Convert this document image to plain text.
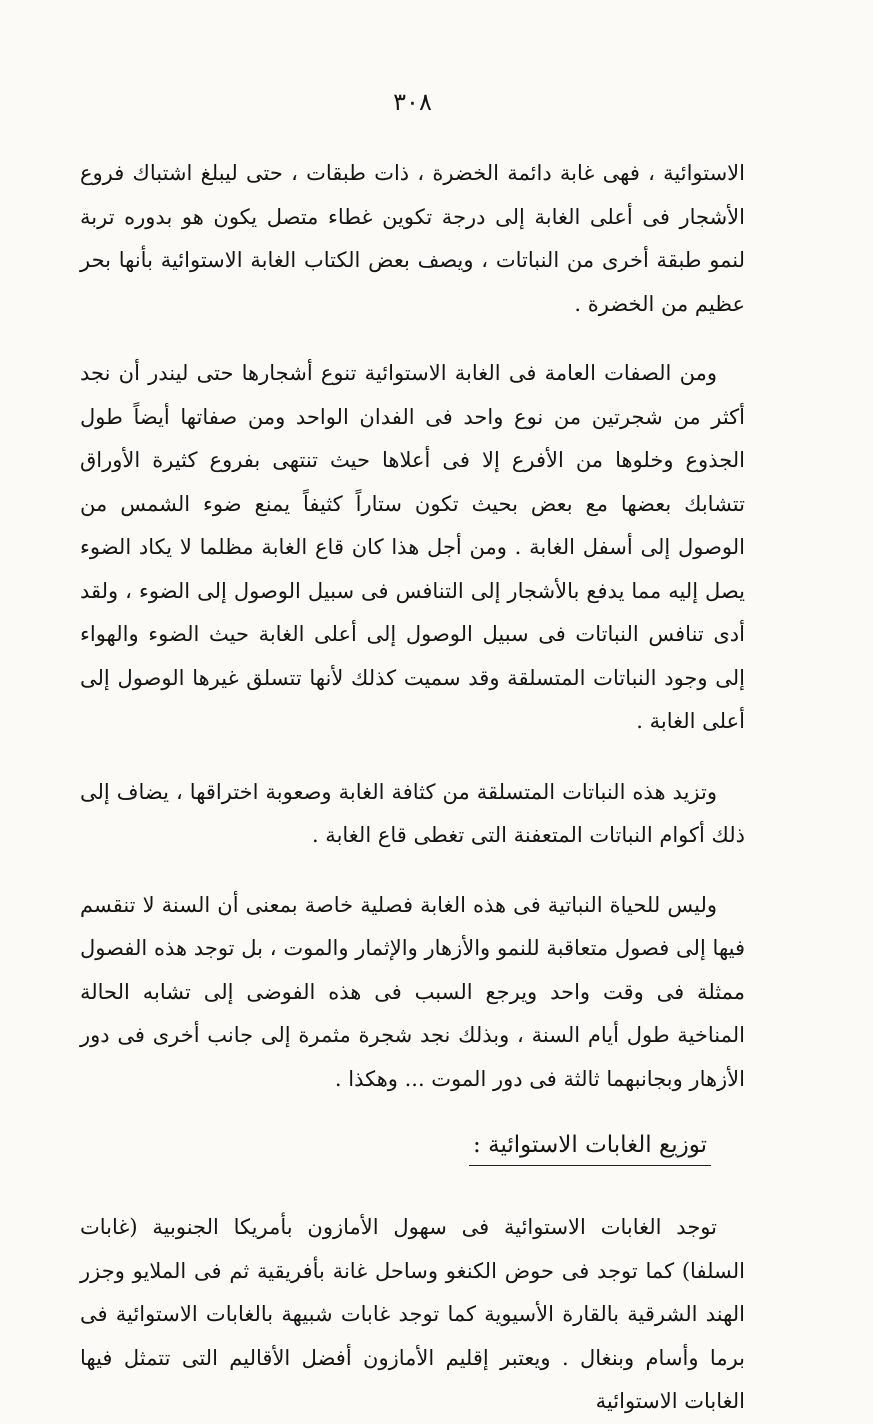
٣٠٨

الاستوائية ، فهى غابة دائمة الخضرة ، ذات طبقات ، حتى ليبلغ اشتباك فروع الأشجار فى أعلى الغابة إلى درجة تكوين غطاء متصل يكون هو بدوره تربة لنمو طبقة أخرى من النباتات ، ويصف بعض الكتاب الغابة الاستوائية بأنها بحر عظيم من الخضرة .

ومن الصفات العامة فى الغابة الاستوائية تنوع أشجارها حتى ليندر أن نجد أكثر من شجرتين من نوع واحد فى الفدان الواحد ومن صفاتها أيضاً طول الجذوع وخلوها من الأفرع إلا فى أعلاها حيث تنتهى بفروع كثيرة الأوراق تتشابك بعضها مع بعض بحيث تكون ستاراً كثيفاً يمنع ضوء الشمس من الوصول إلى أسفل الغابة . ومن أجل هذا كان قاع الغابة مظلما لا يكاد الضوء يصل إليه مما يدفع بالأشجار إلى التنافس فى سبيل الوصول إلى الضوء ، ولقد أدى تنافس النباتات فى سبيل الوصول إلى أعلى الغابة حيث الضوء والهواء إلى وجود النباتات المتسلقة وقد سميت كذلك لأنها تتسلق غيرها الوصول إلى أعلى الغابة .

وتزيد هذه النباتات المتسلقة من كثافة الغابة وصعوبة اختراقها ، يضاف إلى ذلك أكوام النباتات المتعفنة التى تغطى قاع الغابة .

وليس للحياة النباتية فى هذه الغابة فصلية خاصة بمعنى أن السنة لا تنقسم فيها إلى فصول متعاقبة للنمو والأزهار والإثمار والموت ، بل توجد هذه الفصول ممثلة فى وقت واحد ويرجع السبب فى هذه الفوضى إلى تشابه الحالة المناخية طول أيام السنة ، وبذلك نجد شجرة مثمرة إلى جانب أخرى فى دور الأزهار وبجانبهما ثالثة فى دور الموت ... وهكذا .

توزيع الغابات الاستوائية :

توجد الغابات الاستوائية فى سهول الأمازون بأمريكا الجنوبية (غابات السلفا) كما توجد فى حوض الكنغو وساحل غانة بأفريقية ثم فى الملايو وجزر الهند الشرقية بالقارة الأسيوية كما توجد غابات شبيهة بالغابات الاستوائية فى برما وأسام وبنغال . ويعتبر إقليم الأمازون أفضل الأقاليم التى تتمثل فيها الغابات الاستوائية
